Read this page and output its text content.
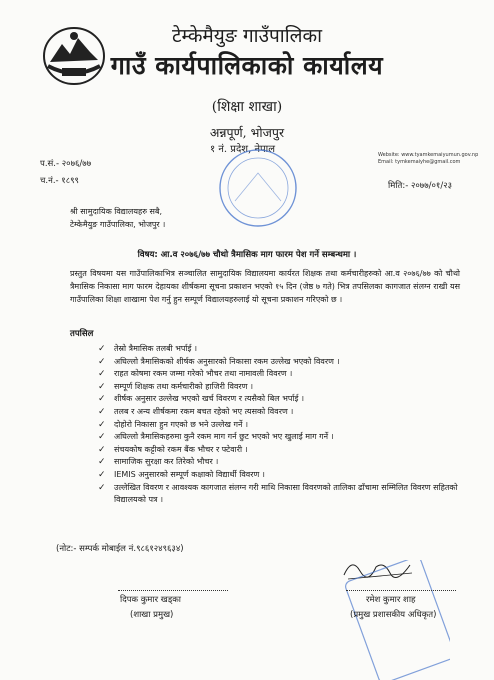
टेम्केमैयुङ गाउँपालिका
गाउँ कार्यपालिकाको कार्यालय
(शिक्षा शाखा)
अन्नपूर्ण, भोजपुर
१ नं. प्रदेश, नेपाल	Website: www.tyamkemaiyumun.gov.np
Email: tymkemaiyhe@gmail.com
प.सं.- २०७६/७७
च.नं.- १८९९	मिति:- २०७७/०१/२३
श्री सामुदायिक विद्यालयहरु सबै,
टेम्केमैयुङ गाउँपालिका, भोजपुर ।
विषय: आ.व २०७६/७७ चौथो त्रैमासिक माग फारम पेश गर्ने सम्बन्धमा ।
प्रस्तुत विषयमा यस गाउँपालिकाभित्र सञ्चालित सामुदायिक विद्यालयमा कार्यरत शिक्षक तथा कर्मचारीहरुको आ.व २०७६/७७ को चौथो त्रैमासिक निकासा माग फारम देहायका शीर्षकमा सूचना प्रकाशन भएको १५ दिन (जेष्ठ ७ गते) भित्र तपसिलका कागजात संलग्न राखी यस गाउँपालिका शिक्षा शाखामा पेश गर्नु हुन सम्पूर्ण विद्यालयहरुलाई यो सूचना प्रकाशन गरिएको छ ।
तपसिल
✓ तेस्रो त्रैमासिक तलबी भर्पाई ।
✓ अघिल्लो त्रैमासिकको शीर्षक अनुसारको निकासा रकम उल्लेख भएको विवरण ।
✓ राहत कोषमा रकम जम्मा गरेको भौचर तथा नामावली विवरण ।
✓ सम्पूर्ण शिक्षक तथा कर्मचारीको हाजिरी विवरण ।
✓ शीर्षक अनुसार उल्लेख भएको खर्च विवरण र त्यसैको बिल भर्पाई ।
✓ तलब र अन्य शीर्षकमा रकम बचत रहेको भए त्यसको विवरण ।
✓ दोहोरो निकासा हुन गएको छ भने उल्लेख गर्ने ।
✓ अघिल्लो त्रैमासिकहरुमा कुनै रकम माग गर्न छुट भएको भए खुलाई माग गर्ने ।
✓ संचयकोष कट्टीको रकम बैंक भौचर र फ्टेवारी ।
✓ सामाजिक सुरक्षा कर तिरेको भौचर ।
✓ IEMIS अनुसारको सम्पूर्ण कक्षाको विद्यार्थी विवरण ।
✓ उल्लेखित विवरण र आवश्यक कागजात संलग्न गरी माथि निकासा विवरणको तालिका ढाँचामा सम्मिलित विवरण सहितको विद्यालयको पत्र ।
(नोट:- सम्पर्क मोबाईल नं.९८६१२४९६३४)
दिपक कुमार खड्का
(शाखा प्रमुख)
रमेश कुमार शाह
(प्रमुख प्रशासकीय अधिकृत)
